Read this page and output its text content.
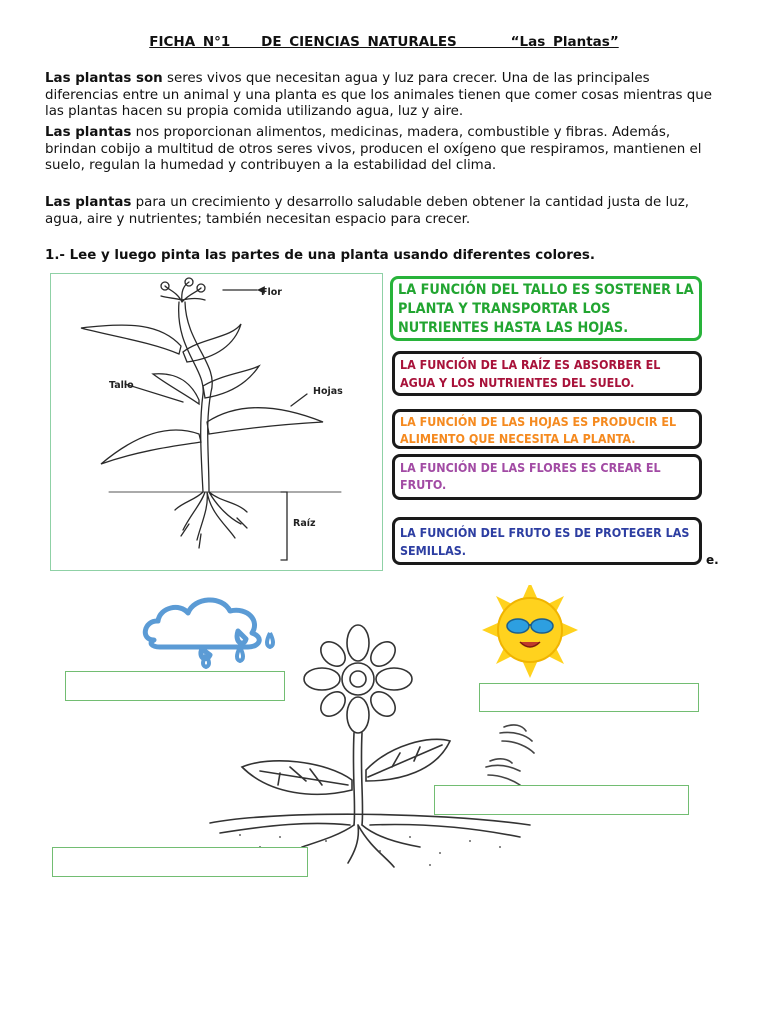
FICHA N°1    DE CIENCIAS NATURALES       “Las Plantas”

Las plantas son seres vivos que necesitan agua y luz para crecer. Una de las principales diferencias entre un animal y una planta es que los animales tienen que comer cosas mientras que las plantas hacen su propia comida utilizando agua, luz y aire.

Las plantas nos proporcionan alimentos, medicinas, madera, combustible y fibras. Además, brindan cobijo a multitud de otros seres vivos, producen el oxígeno que respiramos, mantienen el suelo, regulan la humedad y contribuyen a la estabilidad del clima.

Las plantas para un crecimiento y desarrollo saludable deben obtener la cantidad justa de luz, agua, aire y nutrientes; también necesitan espacio para crecer.

1.- Lee y luego pinta las partes de una planta usando diferentes colores.
Flor
Tallo
Hojas
Raíz
LA FUNCIÓN DEL TALLO ES SOSTENER LA PLANTA Y TRANSPORTAR LOS NUTRIENTES HASTA LAS HOJAS.
LA FUNCIÓN DE LA RAÍZ ES ABSORBER EL AGUA Y LOS NUTRIENTES DEL SUELO.
LA FUNCIÓN DE LAS HOJAS ES PRODUCIR EL ALIMENTO QUE NECESITA LA PLANTA.
LA FUNCIÓN DE LAS FLORES ES CREAR EL FRUTO.
LA FUNCIÓN DEL FRUTO ES DE PROTEGER LAS SEMILLAS.
e.
